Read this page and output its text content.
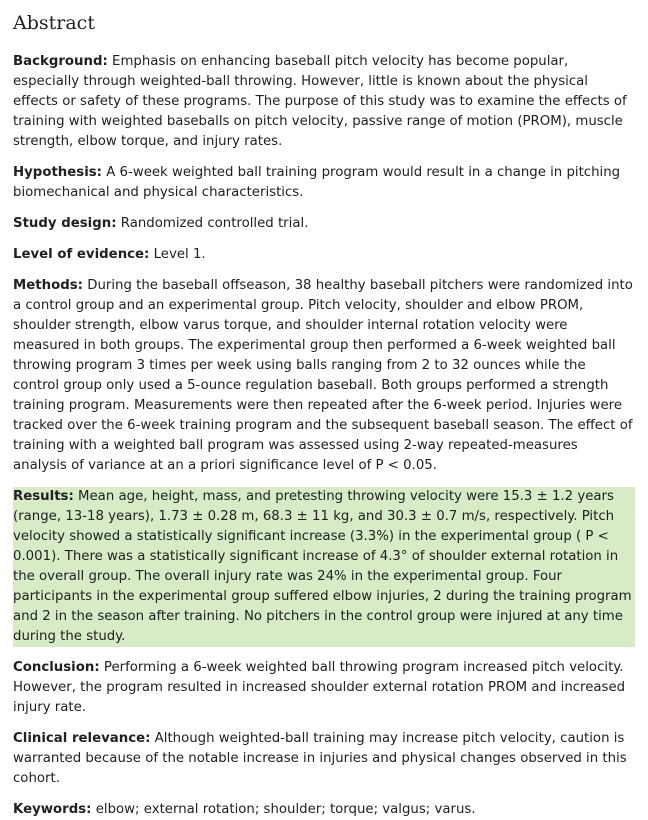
Abstract

Background: Emphasis on enhancing baseball pitch velocity has become popular, especially through weighted-ball throwing. However, little is known about the physical effects or safety of these programs. The purpose of this study was to examine the effects of training with weighted baseballs on pitch velocity, passive range of motion (PROM), muscle strength, elbow torque, and injury rates.

Hypothesis: A 6-week weighted ball training program would result in a change in pitching biomechanical and physical characteristics.

Study design: Randomized controlled trial.

Level of evidence: Level 1.

Methods: During the baseball offseason, 38 healthy baseball pitchers were randomized into a control group and an experimental group. Pitch velocity, shoulder and elbow PROM, shoulder strength, elbow varus torque, and shoulder internal rotation velocity were measured in both groups. The experimental group then performed a 6-week weighted ball throwing program 3 times per week using balls ranging from 2 to 32 ounces while the control group only used a 5-ounce regulation baseball. Both groups performed a strength training program. Measurements were then repeated after the 6-week period. Injuries were tracked over the 6-week training program and the subsequent baseball season. The effect of training with a weighted ball program was assessed using 2-way repeated-measures analysis of variance at an a priori significance level of P < 0.05.

Results: Mean age, height, mass, and pretesting throwing velocity were 15.3 ± 1.2 years (range, 13-18 years), 1.73 ± 0.28 m, 68.3 ± 11 kg, and 30.3 ± 0.7 m/s, respectively. Pitch velocity showed a statistically significant increase (3.3%) in the experimental group ( P < 0.001). There was a statistically significant increase of 4.3° of shoulder external rotation in the overall group. The overall injury rate was 24% in the experimental group. Four participants in the experimental group suffered elbow injuries, 2 during the training program and 2 in the season after training. No pitchers in the control group were injured at any time during the study.

Conclusion: Performing a 6-week weighted ball throwing program increased pitch velocity. However, the program resulted in increased shoulder external rotation PROM and increased injury rate.

Clinical relevance: Although weighted-ball training may increase pitch velocity, caution is warranted because of the notable increase in injuries and physical changes observed in this cohort.

Keywords: elbow; external rotation; shoulder; torque; valgus; varus.
